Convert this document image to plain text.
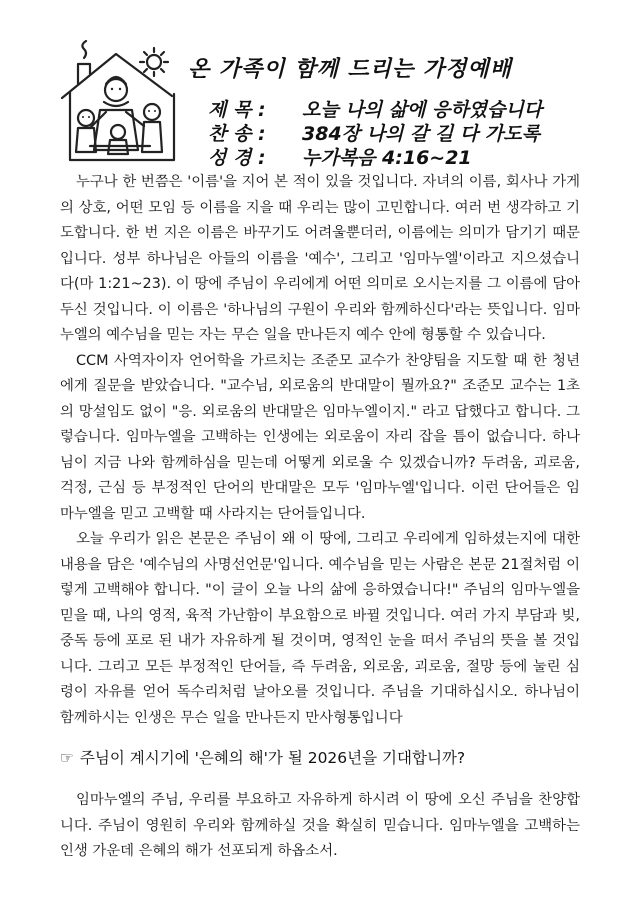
온 가족이 함께 드리는 가정예배
제 목 : 오늘 나의 삶에 응하였습니다
찬 송 : 384장 나의 갈 길 다 가도록
성 경 : 누가복음 4:16~21

누구나 한 번쯤은 '이름'을 지어 본 적이 있을 것입니다. 자녀의 이름, 회사나 가게의 상호, 어떤 모임 등 이름을 지을 때 우리는 많이 고민합니다. 여러 번 생각하고 기도합니다. 한 번 지은 이름은 바꾸기도 어려울뿐더러, 이름에는 의미가 담기기 때문입니다. 성부 하나님은 아들의 이름을 '예수', 그리고 '임마누엘'이라고 지으셨습니다(마 1:21~23). 이 땅에 주님이 우리에게 어떤 의미로 오시는지를 그 이름에 담아 두신 것입니다. 이 이름은 '하나님의 구원이 우리와 함께하신다'라는 뜻입니다. 임마누엘의 예수님을 믿는 자는 무슨 일을 만나든지 예수 안에 형통할 수 있습니다.

CCM 사역자이자 언어학을 가르치는 조준모 교수가 찬양팀을 지도할 때 한 청년에게 질문을 받았습니다. "교수님, 외로움의 반대말이 뭘까요?" 조준모 교수는 1초의 망설임도 없이 "응. 외로움의 반대말은 임마누엘이지." 라고 답했다고 합니다. 그렇습니다. 임마누엘을 고백하는 인생에는 외로움이 자리 잡을 틈이 없습니다. 하나님이 지금 나와 함께하심을 믿는데 어떻게 외로울 수 있겠습니까? 두려움, 괴로움, 걱정, 근심 등 부정적인 단어의 반대말은 모두 '임마누엘'입니다. 이런 단어들은 임마누엘을 믿고 고백할 때 사라지는 단어들입니다.

오늘 우리가 읽은 본문은 주님이 왜 이 땅에, 그리고 우리에게 임하셨는지에 대한 내용을 담은 '예수님의 사명선언문'입니다. 예수님을 믿는 사람은 본문 21절처럼 이렇게 고백해야 합니다. "이 글이 오늘 나의 삶에 응하였습니다!" 주님의 임마누엘을 믿을 때, 나의 영적, 육적 가난함이 부요함으로 바뀔 것입니다. 여러 가지 부담과 빚, 중독 등에 포로 된 내가 자유하게 될 것이며, 영적인 눈을 떠서 주님의 뜻을 볼 것입니다. 그리고 모든 부정적인 단어들, 즉 두려움, 외로움, 괴로움, 절망 등에 눌린 심령이 자유를 얻어 독수리처럼 날아오를 것입니다. 주님을 기대하십시오. 하나님이 함께하시는 인생은 무슨 일을 만나든지 만사형통입니다

☞ 주님이 계시기에 '은혜의 해'가 될 2026년을 기대합니까?

임마누엘의 주님, 우리를 부요하고 자유하게 하시려 이 땅에 오신 주님을 찬양합니다. 주님이 영원히 우리와 함께하실 것을 확실히 믿습니다. 임마누엘을 고백하는 인생 가운데 은혜의 해가 선포되게 하옵소서.
